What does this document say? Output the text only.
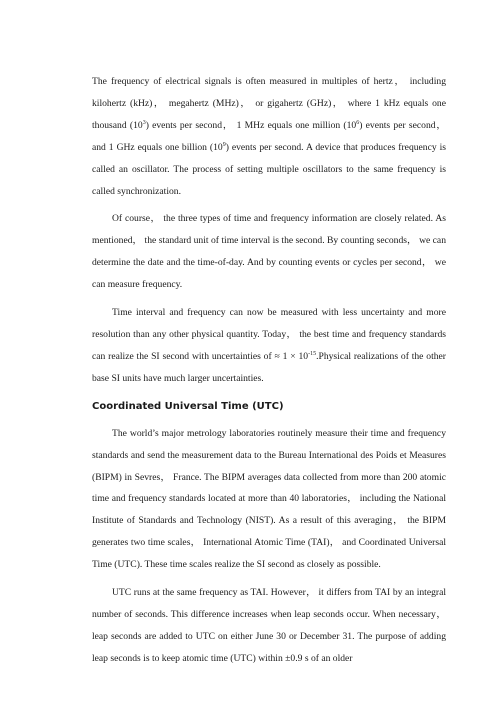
The frequency of electrical signals is often measured in multiples of hertz， including kilohertz (kHz)， megahertz (MHz)， or gigahertz (GHz)， where 1 kHz equals one thousand $(10^3)$ events per second， 1 MHz equals one million $(10^6)$ events per second， and 1 GHz equals one billion $(10^9)$ events per second. A device that produces frequency is called an oscillator. The process of setting multiple oscillators to the same frequency is called synchronization.

Of course， the three types of time and frequency information are closely related. As mentioned， the standard unit of time interval is the second. By counting seconds， we can determine the date and the time-of-day. And by counting events or cycles per second， we can measure frequency.

Time interval and frequency can now be measured with less uncertainty and more resolution than any other physical quantity. Today， the best time and frequency standards can realize the SI second with uncertainties of ≈ $1 \times 10^{-15}.Physical$ realizations of the other base SI units have much larger uncertainties.

Coordinated Universal Time (UTC)

The world’s major metrology laboratories routinely measure their time and frequency standards and send the measurement data to the Bureau International des Poids et Measures (BIPM) in Sevres， France. The BIPM averages data collected from more than 200 atomic time and frequency standards located at more than 40 laboratories， including the National Institute of Standards and Technology (NIST). As a result of this averaging， the BIPM generates two time scales， International Atomic Time (TAI)， and Coordinated Universal Time (UTC). These time scales realize the SI second as closely as possible.

UTC runs at the same frequency as TAI. However， it differs from TAI by an integral number of seconds. This difference increases when leap seconds occur. When necessary， leap seconds are added to UTC on either June 30 or December 31. The purpose of adding leap seconds is to keep atomic time (UTC) within ±0.9 s of an older
